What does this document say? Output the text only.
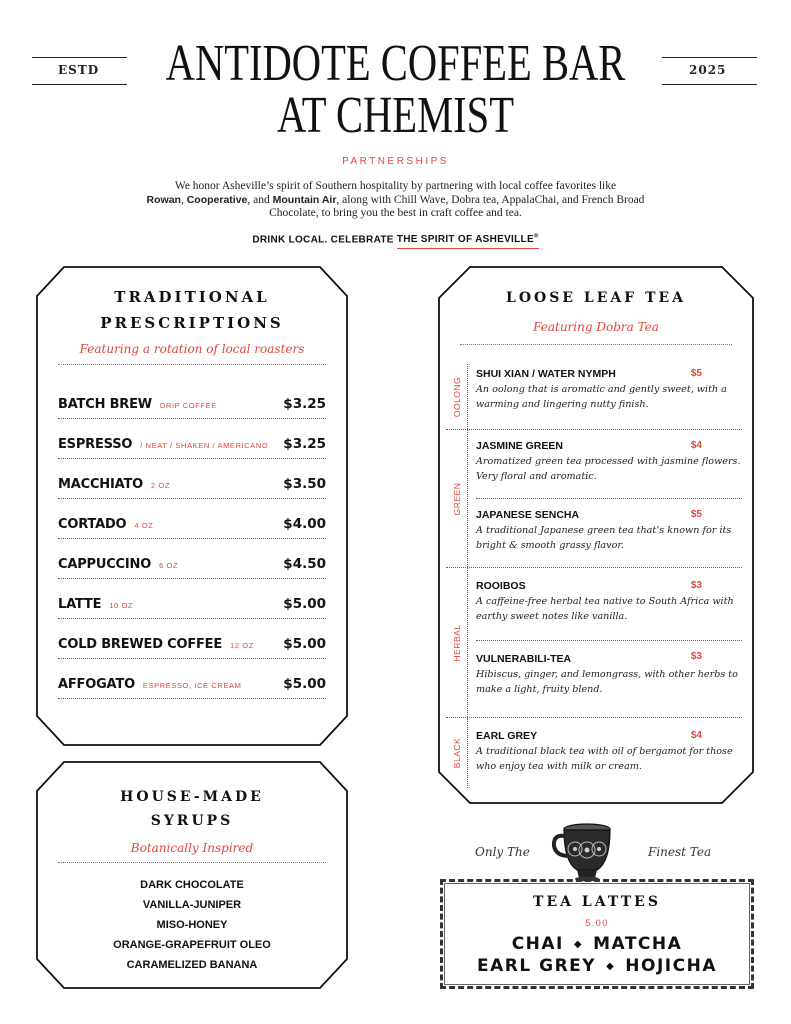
ESTD	2025
ANTIDOTE COFFEE BAR
AT CHEMIST
PARTNERSHIPS
We honor Asheville’s spirit of Southern hospitality by partnering with local coffee favorites like
Rowan, Cooperative, and Mountain Air, along with Chill Wave, Dobra tea, AppalaChai, and French Broad Chocolate, to bring you the best in craft coffee and tea.
DRINK LOCAL. CELEBRATE THE SPIRIT OF ASHEVILLE®
TRADITIONAL
PRESCRIPTIONS
Featuring a rotation of local roasters
BATCH BREW DRIP COFFEE	$3.25
ESPRESSO / NEAT / SHAKEN / AMERICANO $3.25
MACCHIATO 2 OZ	$3.50
CORTADO 4 OZ	$4.00
CAPPUCCINO 6 OZ	$4.50
LATTE 10 OZ	$5.00
COLD BREWED COFFEE 12 OZ $5.00
AFFOGATO ESPRESSO, ICE CREAM	$5.00
HOUSE-MADE
SYRUPS
Botanically Inspired
DARK CHOCOLATE
VANILLA-JUNIPER
MISO-HONEY
ORANGE-GRAPEFRUIT OLEO
CARAMELIZED BANANA
LOOSE LEAF TEA
Featuring Dobra Tea
OOLONG
SHUI XIAN / WATER NYMPH	$5
An oolong that is aromatic and gently sweet, with a warming and lingering nutty finish.
GREEN
JASMINE GREEN	$4
Aromatized green tea processed with jasmine flowers. Very floral and aromatic.
JAPANESE SENCHA	$5
A traditional Japanese green tea that’s known for its bright & smooth grassy flavor.
HERBAL
ROOIBOS	$3
A caffeine-free herbal tea native to South Africa with earthy sweet notes like vanilla.
VULNERABILI-TEA	$3
Hibiscus, ginger, and lemongrass, with other herbs to make a light, fruity blend.
BLACK
EARL GREY	$4
A traditional black tea with oil of bergamot for those who enjoy tea with milk or cream.
Only The	Finest Tea
TEA LATTES
5.00
CHAI ◆ MATCHA
EARL GREY ◆ HOJICHA
